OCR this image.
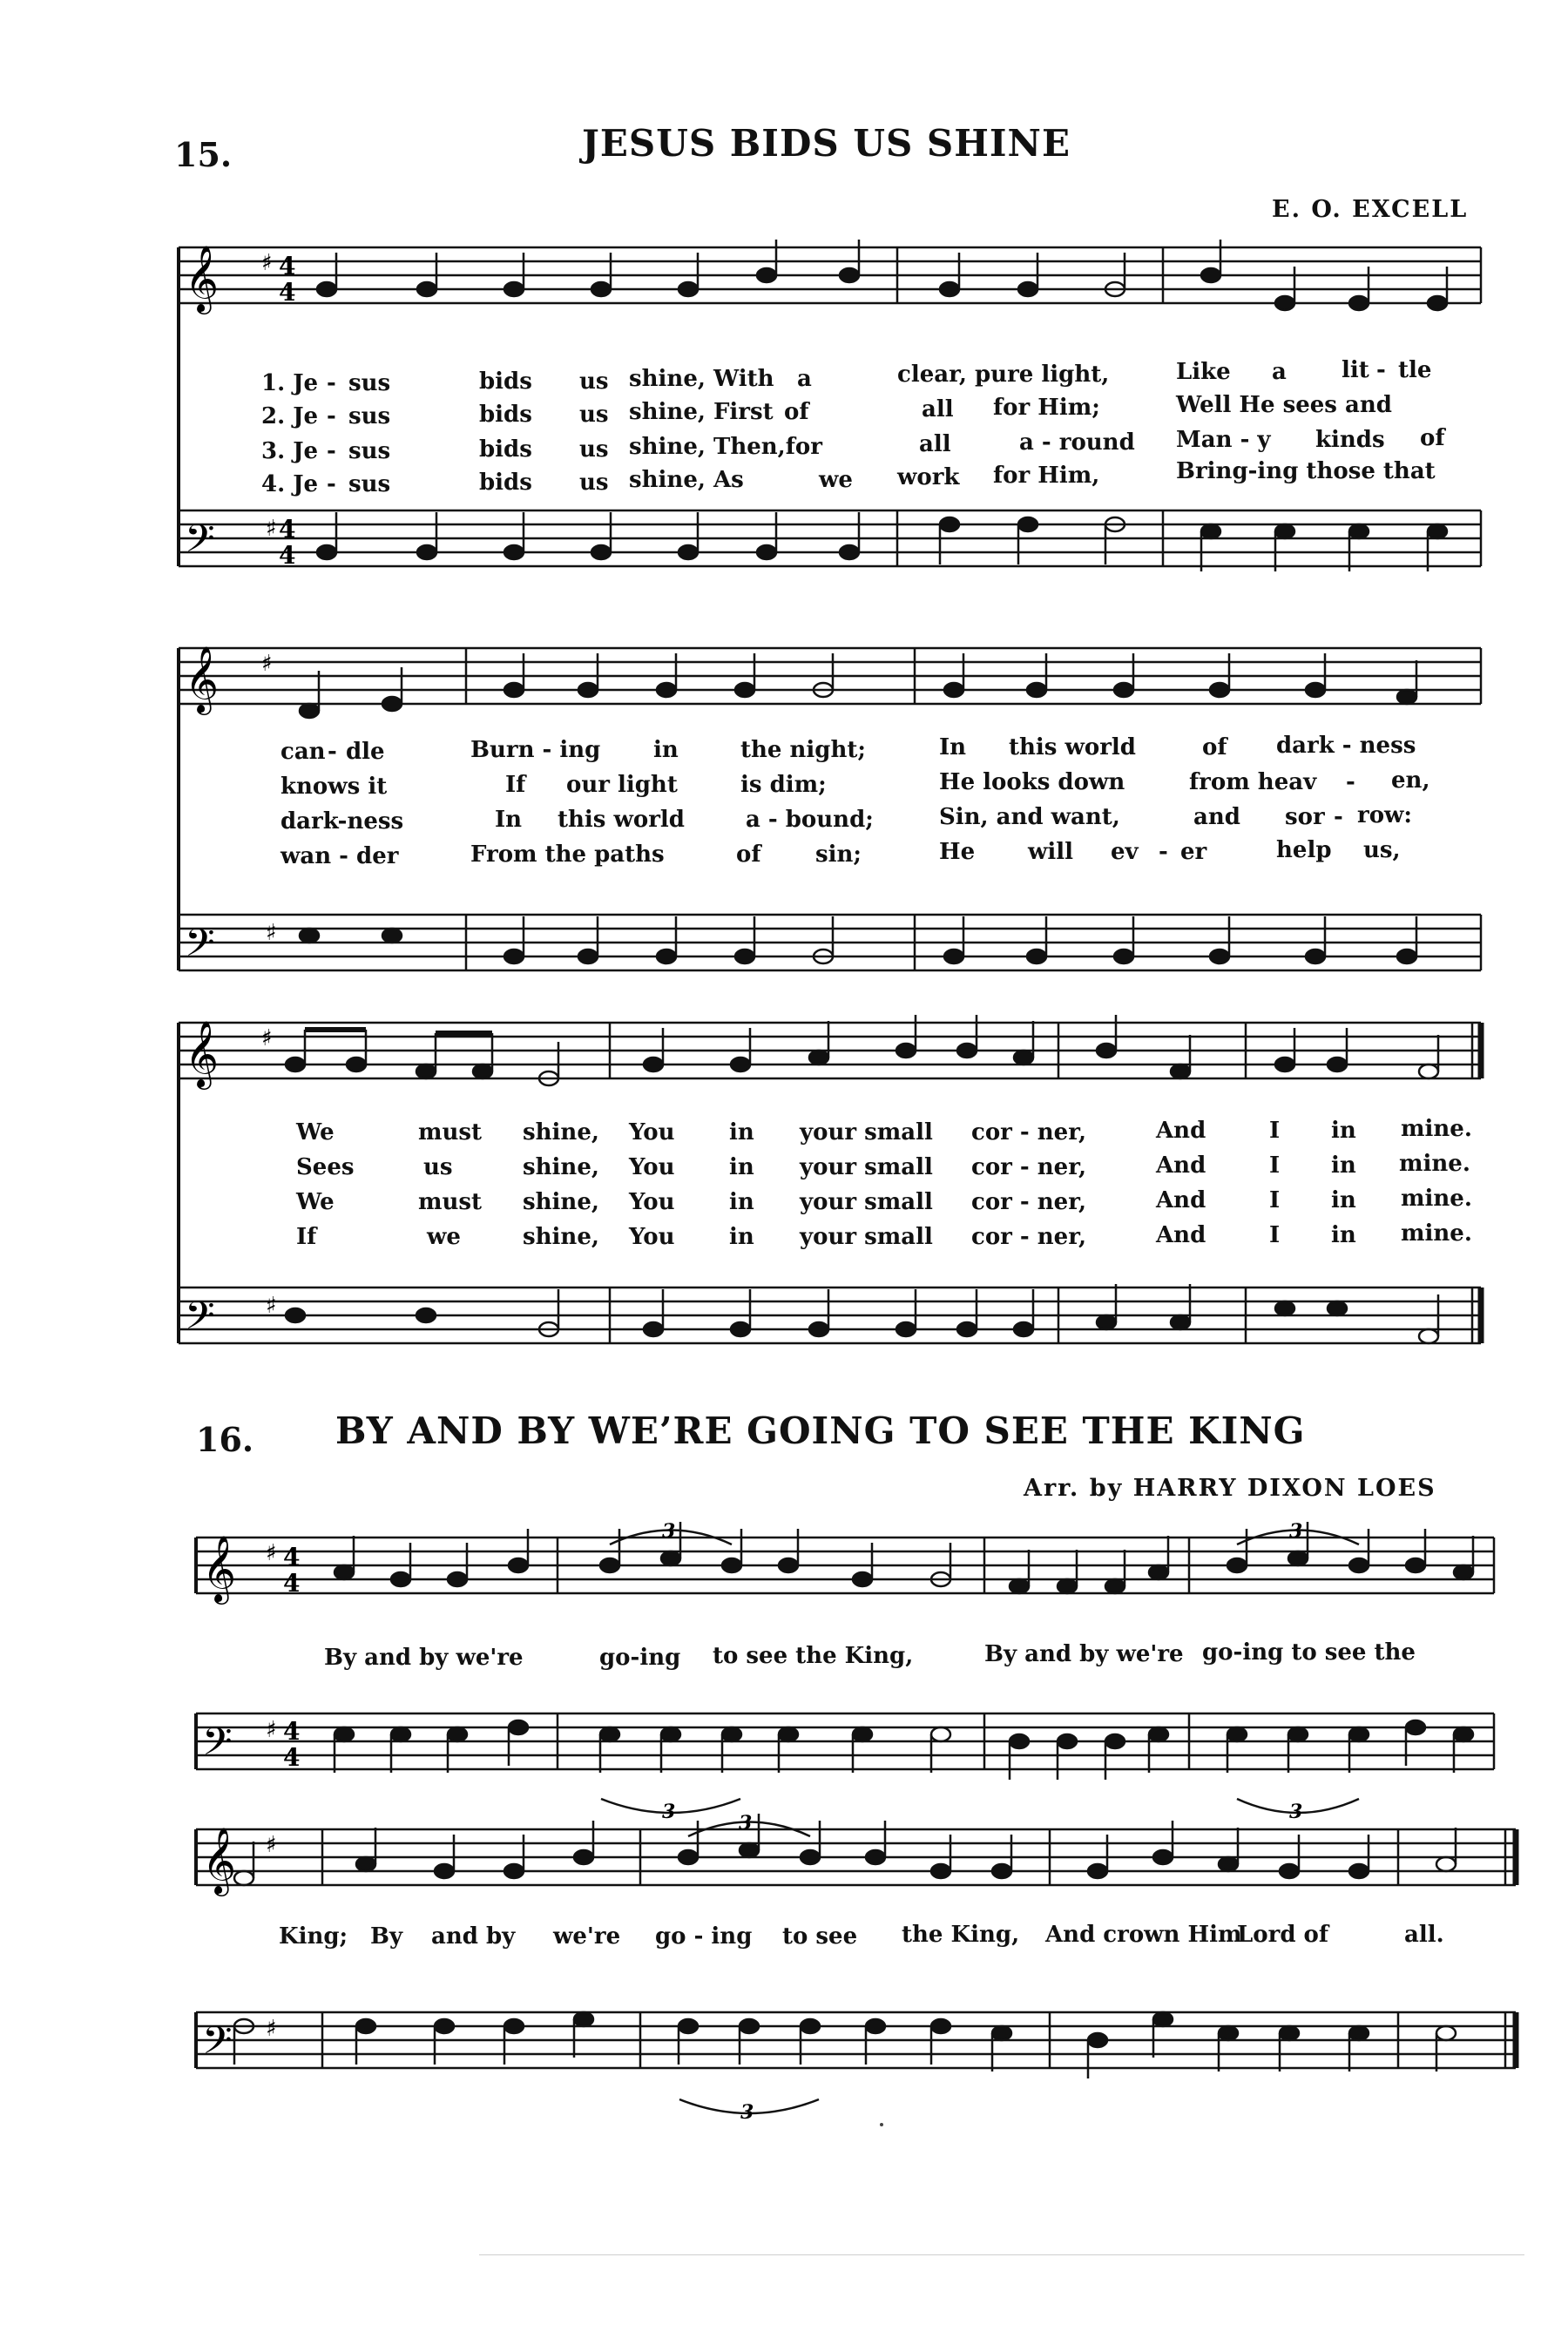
15.	JESUS BIDS US SHINE
E. O. EXCELL
𝄞
𝄢
♯
♯
4
4
4
4
1. Je - sus	bids us shine, With a	clear, pure light,	Like a lit - tle
2. Je - sus	bids us shine, First of	all for Him;	Well He sees and
3. Je - sus	bids us shine, Then,for	all	a - round Man - y kinds of
4. Je - sus	bids us shine, As	we work for Him,	Bring-ing those that
𝄞
𝄢
♯
♯
can - dle	Burn - ing in	the night;	In this world	of dark - ness
knows it	If our light	is dim;	He looks down	from heav - en,
dark-ness	In this world	a - bound;	Sin, and want,	and sor - row:
wan - der	From the paths	of sin;	He will ev - er	help us,
𝄞
𝄢
♯
♯
We	must shine, You in your small cor - ner,	And	I in mine.
Sees	us	shine, You in your small cor - ner,	And	I in mine.
We	must shine, You in your small cor - ner,	And	I in mine.
If	we	shine, You in your small cor - ner,	And	I in mine.
16. BY AND BY WE’RE GOING TO SEE THE KING
Arr. by HARRY DIXON LOES
𝄞
𝄢
♯
♯
4
4
4
4
3	3
3	3
By and by we're	go-ing to see the King,	By and by we're go-ing to see the
𝄞
𝄢
♯
♯
3
3
King; By and by we're go - ing to see the King, And crown Him
Lord of	all.
